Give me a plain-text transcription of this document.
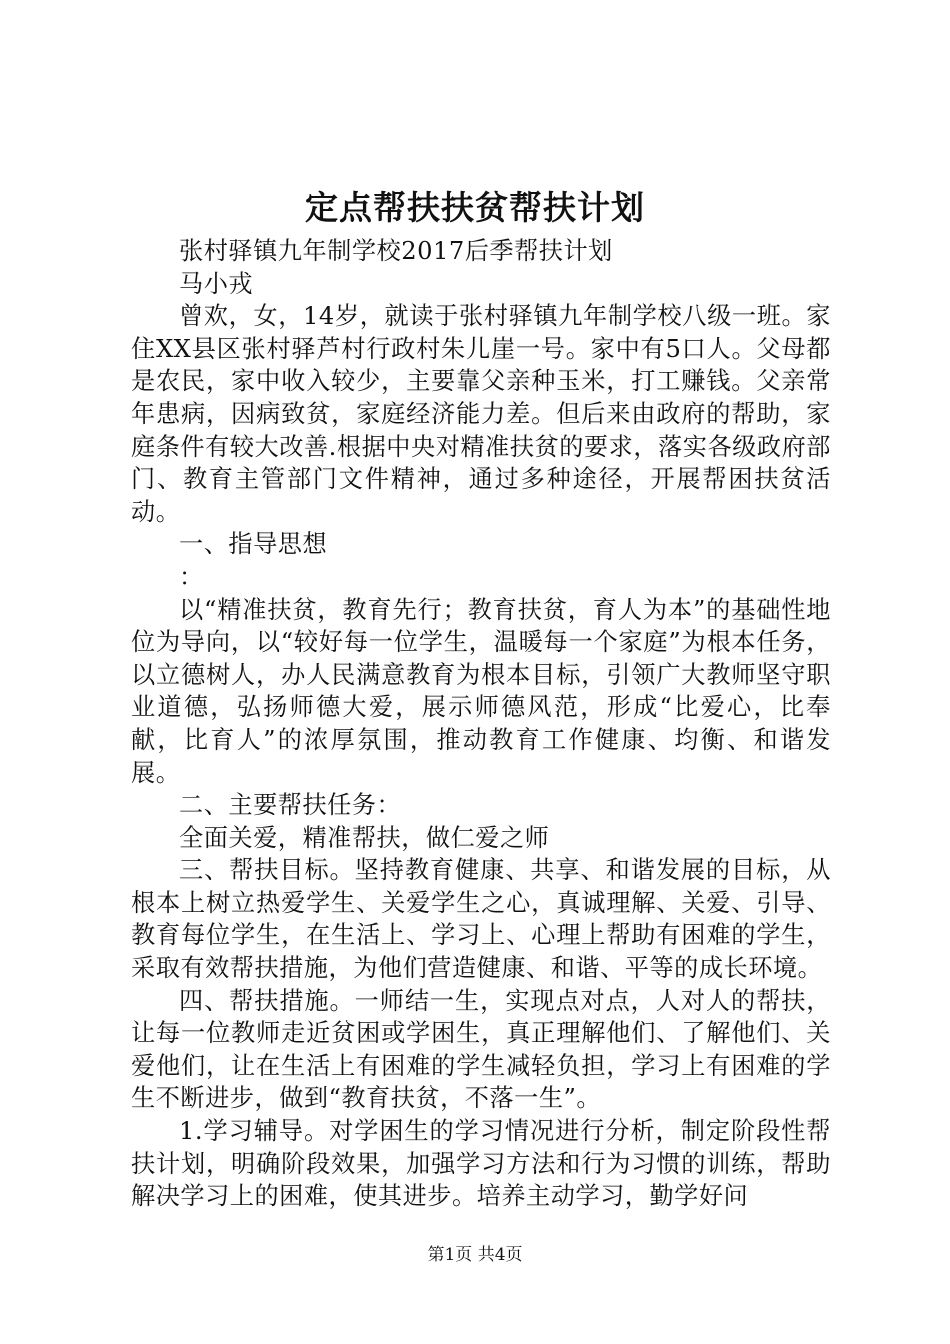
定点帮扶扶贫帮扶计划

张村驿镇九年制学校2017后季帮扶计划

马小戎

曾欢，女，14岁，就读于张村驿镇九年制学校八级一班。家住XX县区张村驿芦村行政村朱儿崖一号。家中有5口人。父母都是农民，家中收入较少，主要靠父亲种玉米，打工赚钱。父亲常年患病，因病致贫，家庭经济能力差。但后来由政府的帮助，家庭条件有较大改善.根据中央对精准扶贫的要求，落实各级政府部门、教育主管部门文件精神，通过多种途径，开展帮困扶贫活动。

一、指导思想

：

以“精准扶贫，教育先行；教育扶贫，育人为本”的基础性地位为导向，以“较好每一位学生，温暖每一个家庭”为根本任务，以立德树人，办人民满意教育为根本目标，引领广大教师坚守职业道德，弘扬师德大爱，展示师德风范，形成“比爱心，比奉献，比育人”的浓厚氛围，推动教育工作健康、均衡、和谐发展。

二、主要帮扶任务：

全面关爱，精准帮扶，做仁爱之师

三、帮扶目标。坚持教育健康、共享、和谐发展的目标，从根本上树立热爱学生、关爱学生之心，真诚理解、关爱、引导、教育每位学生，在生活上、学习上、心理上帮助有困难的学生，采取有效帮扶措施，为他们营造健康、和谐、平等的成长环境。

四、帮扶措施。一师结一生，实现点对点，人对人的帮扶，让每一位教师走近贫困或学困生，真正理解他们、了解他们、关爱他们，让在生活上有困难的学生减轻负担，学习上有困难的学生不断进步，做到“教育扶贫，不落一生”。

1.学习辅导。对学困生的学习情况进行分析，制定阶段性帮扶计划，明确阶段效果，加强学习方法和行为习惯的训练，帮助解决学习上的困难，使其进步。培养主动学习，勤学好问

第1页 共4页
